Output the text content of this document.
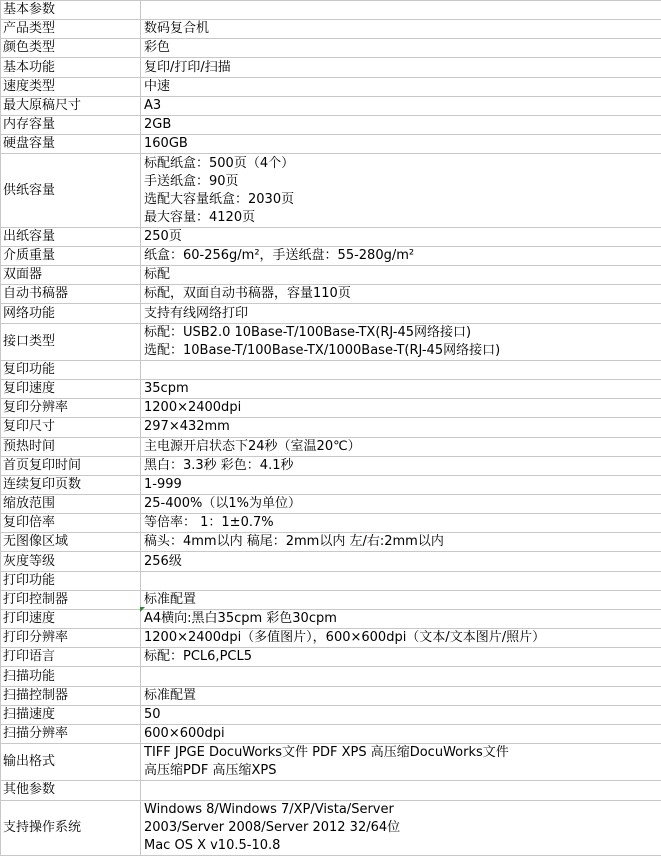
基本参数	
产品类型	数码复合机
颜色类型	彩色
基本功能	复印/打印/扫描
速度类型	中速
最大原稿尺寸	A3
内存容量	2GB
硬盘容量	160GB
供纸容量	标配纸盒：500页（4个）
手送纸盒：90页
选配大容量纸盒：2030页
最大容量：4120页

出纸容量	250页
介质重量	纸盒：60-256g/m²，手送纸盘：55-280g/m²
双面器	标配
自动书稿器	标配，双面自动书稿器，容量110页
网络功能	支持有线网络打印
接口类型	标配：USB2.0 10Base-T/100Base-TX(RJ-45网络接口)
选配：10Base-T/100Base-TX/1000Base-T(RJ-45网络接口)

复印功能	
复印速度	35cpm
复印分辨率	1200×2400dpi
复印尺寸	297×432mm
预热时间	主电源开启状态下24秒（室温20℃）
首页复印时间	黑白：3.3秒 彩色：4.1秒
连续复印页数	1-999
缩放范围	25-400%（以1%为单位）
复印倍率	等倍率： 1：1±0.7%
无图像区域	稿头：4mm以内 稿尾：2mm以内 左/右:2mm以内
灰度等级	256级
打印功能	
打印控制器	标准配置
打印速度	A4横向:黑白35cpm 彩色30cpm
打印分辨率	1200×2400dpi（多值图片），600×600dpi（文本/文本图片/照片）
打印语言	标配：PCL6,PCL5
扫描功能	
扫描控制器	标准配置
扫描速度	50
扫描分辨率	600×600dpi
输出格式	TIFF JPGE DocuWorks文件 PDF XPS 高压缩DocuWorks文件
高压缩PDF 高压缩XPS

其他参数	
支持操作系统	Windows 8/Windows 7/XP/Vista/Server
2003/Server 2008/Server 2012 32/64位
Mac OS X v10.5-10.8
